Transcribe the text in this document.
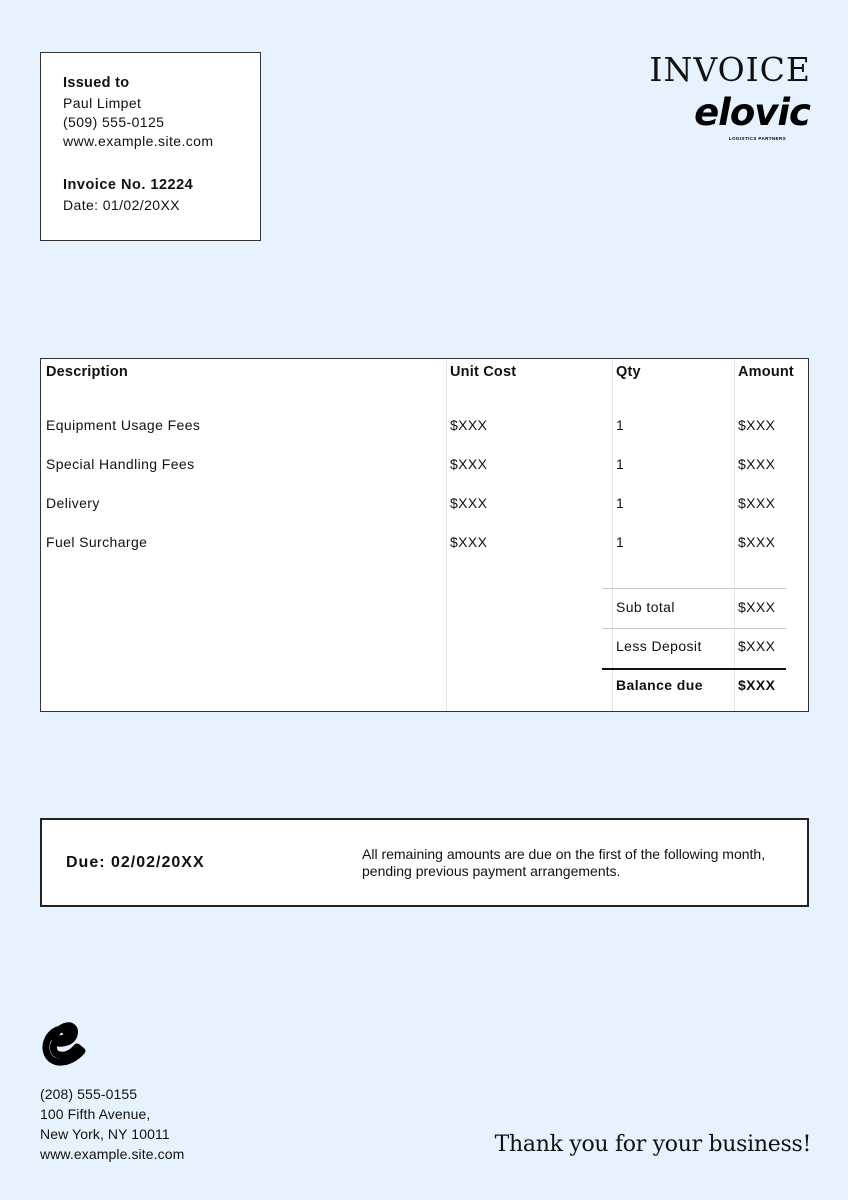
Issued to
Paul Limpet
(509) 555-0125
www.example.site.com
Invoice No. 12224
Date: 01/02/20XX
INVOICE
elovic
LOGISTICS PARTNERS
Description	Unit Cost	Qty	Amount
Equipment Usage Fees	$XXX	1	$XXX
Special Handling Fees	$XXX	1	$XXX
Delivery	$XXX	1	$XXX
Fuel Surcharge	$XXX	1	$XXX
Sub total	$XXX
Less Deposit	$XXX
Balance due	$XXX
Due: 02/02/20XX	All remaining amounts are due on the first of the following month, pending previous payment arrangements.
(208) 555-0155
100 Fifth Avenue,
New York, NY 10011
www.example.site.com	Thank you for your business!
